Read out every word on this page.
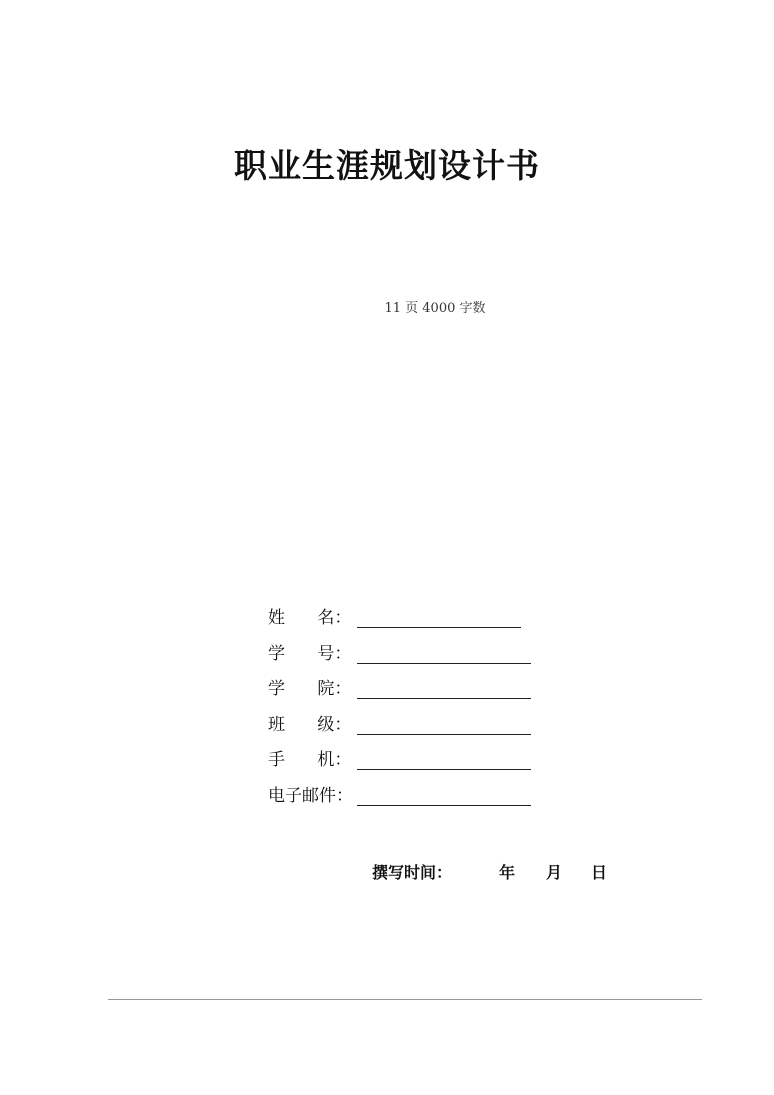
职业生涯规划设计书
11 页 4000 字数
姓      名：
学      号：
学      院：
班      级：
手      机：
电子邮件：

撰写时间：

	年

月

日
